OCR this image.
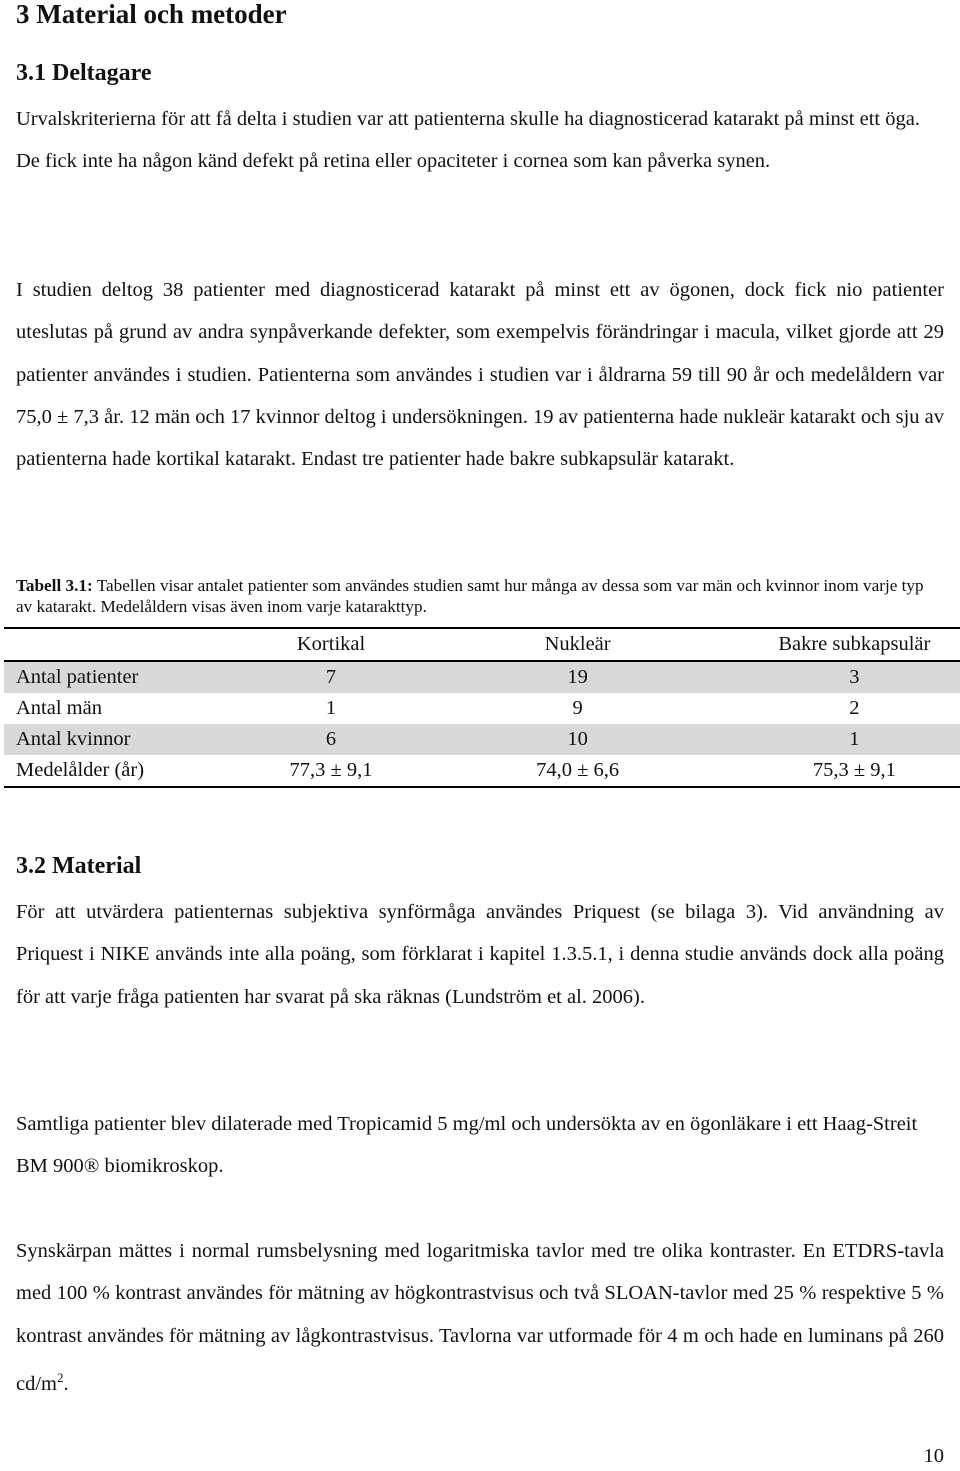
3 Material och metoder
3.1 Deltagare

Urvalskriterierna för att få delta i studien var att patienterna skulle ha diagnosticerad katarakt på minst ett öga. De fick inte ha någon känd defekt på retina eller opaciteter i cornea som kan påverka synen.

I studien deltog 38 patienter med diagnosticerad katarakt på minst ett av ögonen, dock fick nio patienter uteslutas på grund av andra synpåverkande defekter, som exempelvis förändringar i macula, vilket gjorde att 29 patienter användes i studien. Patienterna som användes i studien var i åldrarna 59 till 90 år och medelåldern var 75,0 ± 7,3 år. 12 män och 17 kvinnor deltog i undersökningen. 19 av patienterna hade nukleär katarakt och sju av patienterna hade kortikal katarakt. Endast tre patienter hade bakre subkapsulär katarakt.

Tabell 3.1: Tabellen visar antalet patienter som användes studien samt hur många av dessa som var män och kvinnor inom varje typ av katarakt. Medelåldern visas även inom varje katarakttyp.
	Kortikal	Nukleär	Bakre subkapsulär
Antal patienter	7	19	3
Antal män	1	9	2
Antal kvinnor	6	10	1
Medelålder (år)	77,3 ± 9,1	74,0 ± 6,6	75,3 ± 9,1
3.2 Material

För att utvärdera patienternas subjektiva synförmåga användes Priquest (se bilaga 3). Vid användning av Priquest i NIKE används inte alla poäng, som förklarat i kapitel 1.3.5.1, i denna studie används dock alla poäng för att varje fråga patienten har svarat på ska räknas (Lundström et al. 2006).

Samtliga patienter blev dilaterade med Tropicamid 5 mg/ml och undersökta av en ögonläkare i ett Haag-Streit BM 900® biomikroskop.

Synskärpan mättes i normal rumsbelysning med logaritmiska tavlor med tre olika kontraster. En ETDRS-tavla med 100 % kontrast användes för mätning av högkontrastvisus och två SLOAN-tavlor med 25 % respektive 5 % kontrast användes för mätning av lågkontrastvisus. Tavlorna var utformade för 4 m och hade en luminans på 260 $cd/m^2$.

10
